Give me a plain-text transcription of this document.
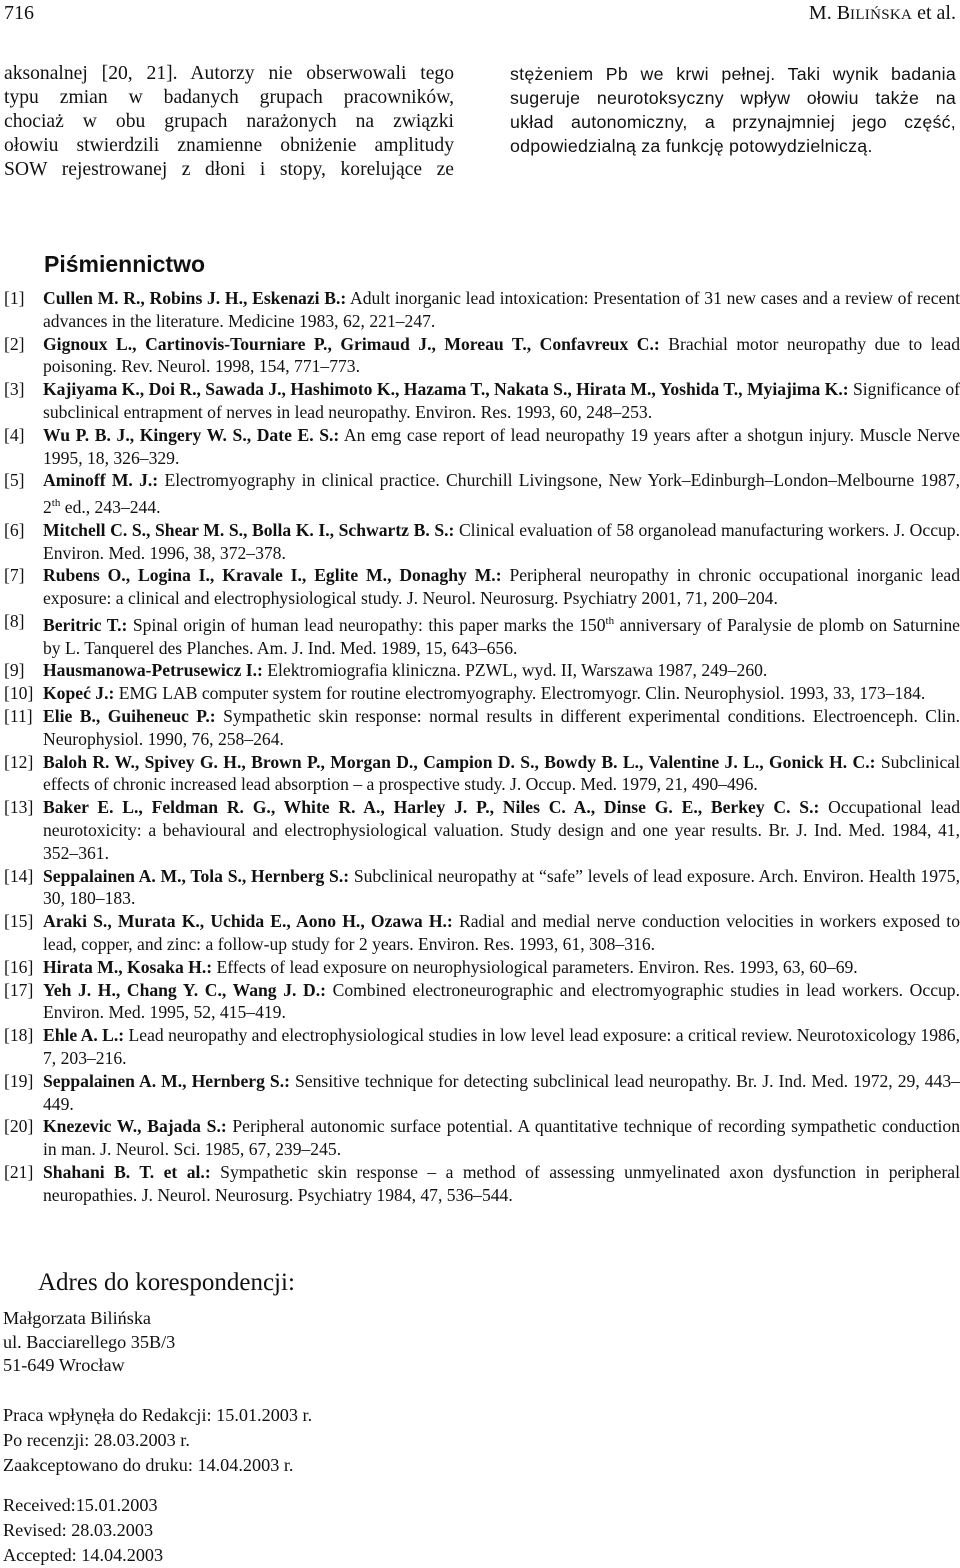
716	M. BILIŃSKA et al.
aksonalnej [20, 21]. Autorzy nie obserwowali tego
typu zmian w badanych grupach pracowników,
chociaż w obu grupach narażonych na związki
ołowiu stwierdzili znamienne obniżenie amplitudy
SOW rejestrowanej z dłoni i stopy, korelujące ze
stężeniem Pb we krwi pełnej. Taki wynik badania
sugeruje neurotoksyczny wpływ ołowiu także na
układ autonomiczny, a przynajmniej jego część,
odpowiedzialną za funkcję potowydzielniczą.
Piśmiennictwo
[1] Cullen M. R., Robins J. H., Eskenazi B.: Adult inorganic lead intoxication: Presentation of 31 new cases and a review of recent advances in the literature. Medicine 1983, 62, 221–247.
[2] Gignoux L., Cartinovis-Tourniare P., Grimaud J., Moreau T., Confavreux C.: Brachial motor neuropathy due to lead poisoning. Rev. Neurol. 1998, 154, 771–773.
[3] Kajiyama K., Doi R., Sawada J., Hashimoto K., Hazama T., Nakata S., Hirata M., Yoshida T., Myiajima K.: Significance of subclinical entrapment of nerves in lead neuropathy. Environ. Res. 1993, 60, 248–253.
[4] Wu P. B. J., Kingery W. S., Date E. S.: An emg case report of lead neuropathy 19 years after a shotgun injury. Muscle Nerve 1995, 18, 326–329.
[5] Aminoff M. J.: Electromyography in clinical practice. Churchill Livingsone, New York–Edinburgh–London–Melbourne 1987, 2th ed., 243–244.
[6] Mitchell C. S., Shear M. S., Bolla K. I., Schwartz B. S.: Clinical evaluation of 58 organolead manufacturing workers. J. Occup. Environ. Med. 1996, 38, 372–378.
[7] Rubens O., Logina I., Kravale I., Eglite M., Donaghy M.: Peripheral neuropathy in chronic occupational inorganic lead exposure: a clinical and electrophysiological study. J. Neurol. Neurosurg. Psychiatry 2001, 71, 200–204.
[8] Beritric T.: Spinal origin of human lead neuropathy: this paper marks the 150th anniversary of Paralysie de plomb on Saturnine by L. Tanquerel des Planches. Am. J. Ind. Med. 1989, 15, 643–656.
[9] Hausmanowa-Petrusewicz I.: Elektromiografia kliniczna. PZWL, wyd. II, Warszawa 1987, 249–260.
[10] Kopeć J.: EMG LAB computer system for routine electromyography. Electromyogr. Clin. Neurophysiol. 1993, 33, 173–184.
[11] Elie B., Guiheneuc P.: Sympathetic skin response: normal results in different experimental conditions. Electroenceph. Clin. Neurophysiol. 1990, 76, 258–264.
[12] Baloh R. W., Spivey G. H., Brown P., Morgan D., Campion D. S., Bowdy B. L., Valentine J. L., Gonick H. C.: Subclinical effects of chronic increased lead absorption – a prospective study. J. Occup. Med. 1979, 21, 490–496.
[13] Baker E. L., Feldman R. G., White R. A., Harley J. P., Niles C. A., Dinse G. E., Berkey C. S.: Occupational lead neurotoxicity: a behavioural and electrophysiological valuation. Study design and one year results. Br. J. Ind. Med. 1984, 41, 352–361.
[14] Seppalainen A. M., Tola S., Hernberg S.: Subclinical neuropathy at “safe” levels of lead exposure. Arch. Environ. Health 1975, 30, 180–183.
[15] Araki S., Murata K., Uchida E., Aono H., Ozawa H.: Radial and medial nerve conduction velocities in workers exposed to lead, copper, and zinc: a follow-up study for 2 years. Environ. Res. 1993, 61, 308–316.
[16] Hirata M., Kosaka H.: Effects of lead exposure on neurophysiological parameters. Environ. Res. 1993, 63, 60–69.
[17] Yeh J. H., Chang Y. C., Wang J. D.: Combined electroneurographic and electromyographic studies in lead workers. Occup. Environ. Med. 1995, 52, 415–419.
[18] Ehle A. L.: Lead neuropathy and electrophysiological studies in low level lead exposure: a critical review. Neurotoxicology 1986, 7, 203–216.
[19] Seppalainen A. M., Hernberg S.: Sensitive technique for detecting subclinical lead neuropathy. Br. J. Ind. Med. 1972, 29, 443–449.
[20] Knezevic W., Bajada S.: Peripheral autonomic surface potential. A quantitative technique of recording sympathetic conduction in man. J. Neurol. Sci. 1985, 67, 239–245.
[21] Shahani B. T. et al.: Sympathetic skin response – a method of assessing unmyelinated axon dysfunction in peripheral neuropathies. J. Neurol. Neurosurg. Psychiatry 1984, 47, 536–544.
Adres do korespondencji:
Małgorzata Bilińska
ul. Bacciarellego 35B/3
51-649 Wrocław
Praca wpłynęła do Redakcji: 15.01.2003 r.
Po recenzji: 28.03.2003 r.
Zaakceptowano do druku: 14.04.2003 r.
Received:15.01.2003
Revised: 28.03.2003
Accepted: 14.04.2003
